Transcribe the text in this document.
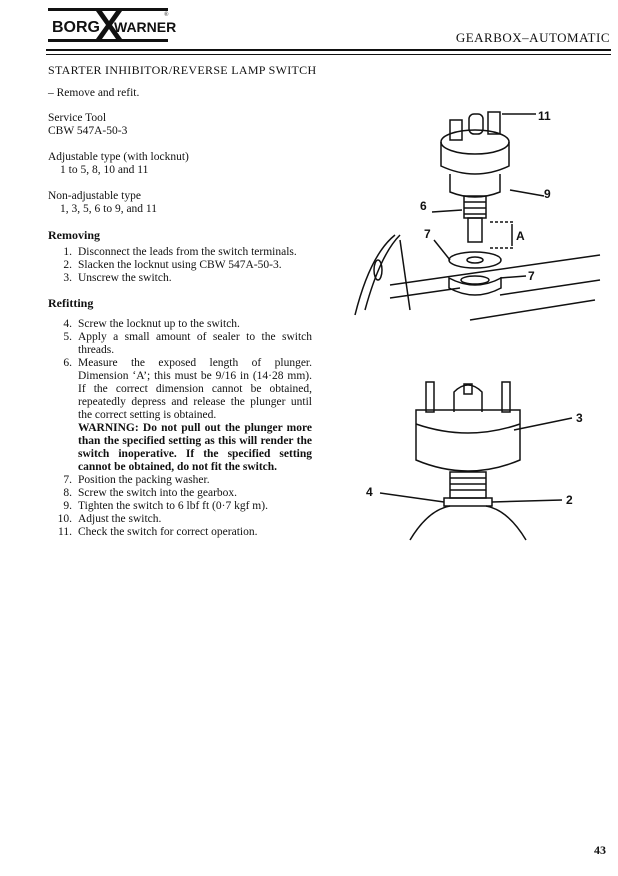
BORG WARNER
®
GEARBOX–AUTOMATIC
STARTER INHIBITOR/REVERSE LAMP SWITCH
– Remove and refit.
Service Tool
CBW 547A-50-3
Adjustable type (with locknut)
1 to 5, 8, 10 and 11
Non-adjustable type
1, 3, 5, 6 to 9, and 11
Removing
1. Disconnect the leads from the switch terminals.
2. Slacken the locknut using CBW 547A-50-3.
3. Unscrew the switch.
Refitting
4. Screw the locknut up to the switch.
5. Apply a small amount of sealer to the switch threads.
6. Measure the exposed length of plunger. Dimension ‘A’; this must be 9/16 in (14·28 mm). If the correct dimension cannot be obtained, repeatedly depress and release the plunger until the correct setting is obtained.
WARNING: Do not pull out the plunger more than the specified setting as this will render the switch inoperative. If the specified setting cannot be obtained, do not fit the switch.
7. Position the packing washer.
8. Screw the switch into the gearbox.
9. Tighten the switch to 6 lbf ft (0·7 kgf m).
10. Adjust the switch.
11. Check the switch for correct operation.
11
9
6
7	A
7
3
4
2
43
